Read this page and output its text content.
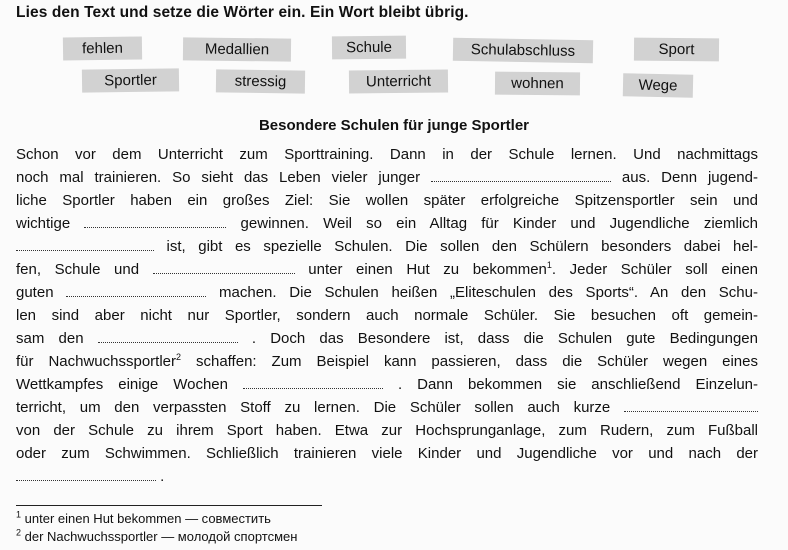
Lies den Text und setze die Wörter ein. Ein Wort bleibt übrig.
fehlen	Medallien	Schule	Schulabschluss	Sport
Sportler	stressig	Unterricht	wohnen	Wege
Besondere Schulen für junge Sportler
Schon vor dem Unterricht zum Sporttraining. Dann in der Schule lernen. Und nachmittags
noch mal trainieren. So sieht das Leben vieler junger	aus. Denn jugend-
liche Sportler haben ein großes Ziel: Sie wollen später erfolgreiche Spitzensportler sein und
wichtige	gewinnen. Weil so ein Alltag für Kinder und Jugendliche ziemlich
ist, gibt es spezielle Schulen. Die sollen den Schülern besonders dabei hel-
fen, Schule und	unter einen Hut zu bekommen$^1$. Jeder Schüler soll einen
guten	machen. Die Schulen heißen „Eliteschulen des Sports“. An den Schu-
len sind aber nicht nur Sportler, sondern auch normale Schüler. Sie besuchen oft gemein-
sam den	. Doch das Besondere ist, dass die Schulen gute Bedingungen
für Nachwuchssportler$^2$ schaffen: Zum Beispiel kann passieren, dass die Schüler wegen eines
Wettkampfes einige Wochen	. Dann bekommen sie anschließend Einzelun-
terricht, um den verpassten Stoff zu lernen. Die Schüler sollen auch kurze
von der Schule zu ihrem Sport haben. Etwa zur Hochsprunganlage, zum Rudern, zum Fußball
oder zum Schwimmen. Schließlich trainieren viele Kinder und Jugendliche vor und nach der
.
$^1$ unter einen Hut bekommen — совместить
$^2$ der Nachwuchssportler — молодой спортсмен
